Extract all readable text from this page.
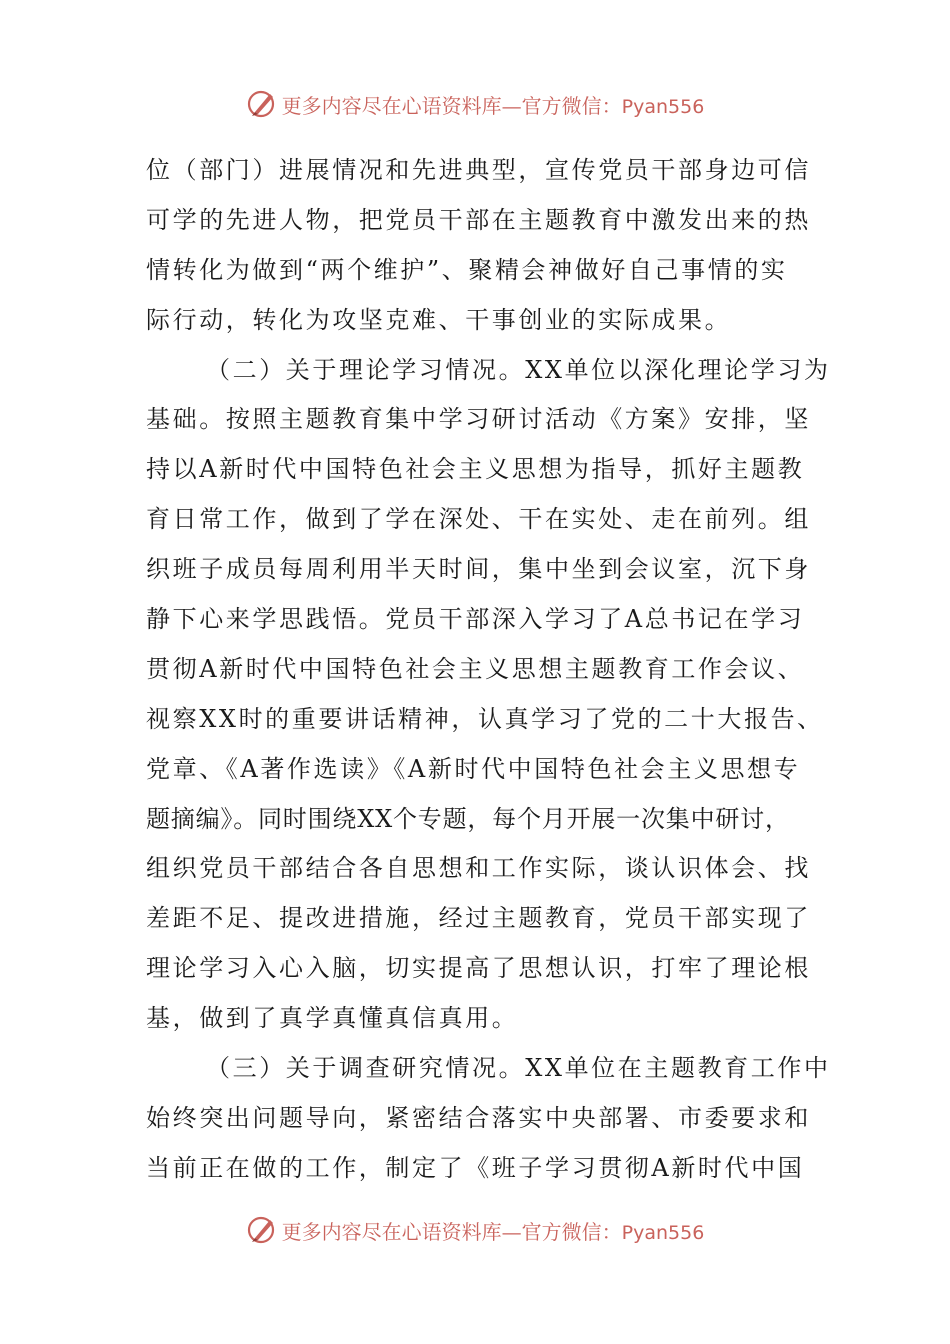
更多内容尽在心语资料库—官方微信：Pyan556
位（部门）进展情况和先进典型，宣传党员干部身边可信
可学的先进人物，把党员干部在主题教育中激发出来的热
情转化为做到“两个维护”、聚精会神做好自己事情的实
际行动，转化为攻坚克难、干事创业的实际成果。
（二）关于理论学习情况。XX单位以深化理论学习为
基础。按照主题教育集中学习研讨活动《方案》安排，坚
持以A新时代中国特色社会主义思想为指导，抓好主题教
育日常工作，做到了学在深处、干在实处、走在前列。组
织班子成员每周利用半天时间，集中坐到会议室，沉下身
静下心来学思践悟。党员干部深入学习了A总书记在学习
贯彻A新时代中国特色社会主义思想主题教育工作会议、
视察XX时的重要讲话精神，认真学习了党的二十大报告、
党章、《A著作选读》《A新时代中国特色社会主义思想专
题摘编》。同时围绕XX个专题，每个月开展一次集中研讨，
组织党员干部结合各自思想和工作实际，谈认识体会、找
差距不足、提改进措施，经过主题教育，党员干部实现了
理论学习入心入脑，切实提高了思想认识，打牢了理论根
基，做到了真学真懂真信真用。
（三）关于调查研究情况。XX单位在主题教育工作中
始终突出问题导向，紧密结合落实中央部署、市委要求和
当前正在做的工作，制定了《班子学习贯彻A新时代中国
更多内容尽在心语资料库—官方微信：Pyan556
